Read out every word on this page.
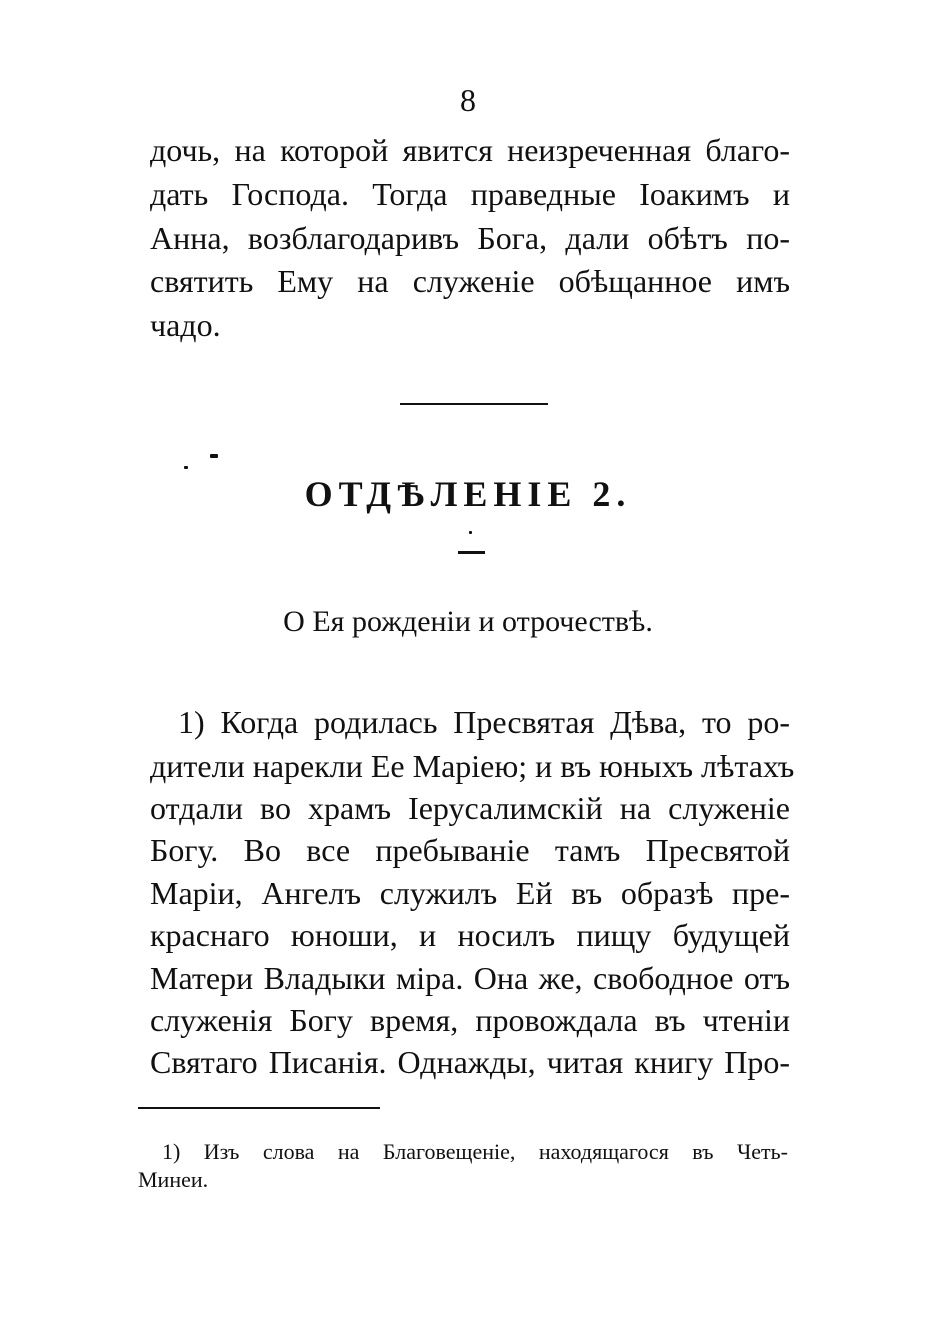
8
дочь, на которой явится неизреченная благо-
дать Господа. Тогда праведные Іоакимъ и
Анна, возблагодаривъ Бога, дали обѣтъ по-
святить Ему на служеніе обѣщанное имъ
чадо.
ОТДѢЛЕНІЕ 2.
О Ея рожденіи и отрочествѣ.
1) Когда родилась Пресвятая Дѣва, то ро-
дители нарекли Ее Маріею; и въ юныхъ лѣтахъ
отдали во храмъ Іерусалимскій на служеніе
Богу. Во все пребываніе тамъ Пресвятой
Маріи, Ангелъ служилъ Ей въ образѣ пре-
краснаго юноши, и носилъ пищу будущей
Матери Владыки міра. Она же, свободное отъ
служенія Богу время, провождала въ чтеніи
Святаго Писанія. Однажды, читая книгу Про-
1) Изъ слова на Благовещеніе, находящагося въ Четь-
Минеи.
